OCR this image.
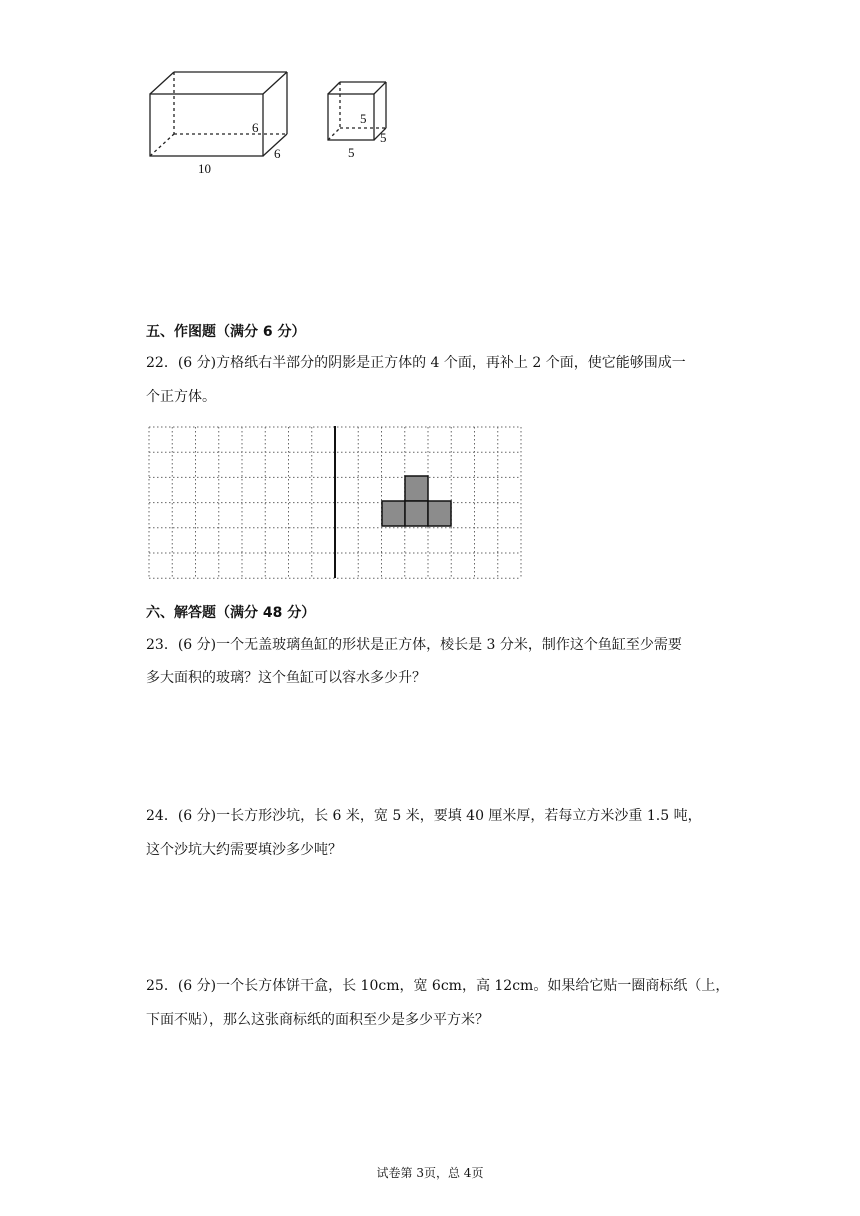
6
6
10
5
5
5
五、作图题（满分 6 分）
22．(6 分)方格纸右半部分的阴影是正方体的 4 个面，再补上 2 个面，使它能够围成一
个正方体。
六、解答题（满分 48 分）
23．(6 分)一个无盖玻璃鱼缸的形状是正方体，棱长是 3 分米，制作这个鱼缸至少需要
多大面积的玻璃？这个鱼缸可以容水多少升？
24．(6 分)一长方形沙坑，长 6 米，宽 5 米，要填 40 厘米厚，若每立方米沙重 1.5 吨，
这个沙坑大约需要填沙多少吨？
25．(6 分)一个长方体饼干盒，长 10cm，宽 6cm，高 12cm。如果给它贴一圈商标纸（上，
下面不贴），那么这张商标纸的面积至少是多少平方米？
试卷第 3页，总 4页
